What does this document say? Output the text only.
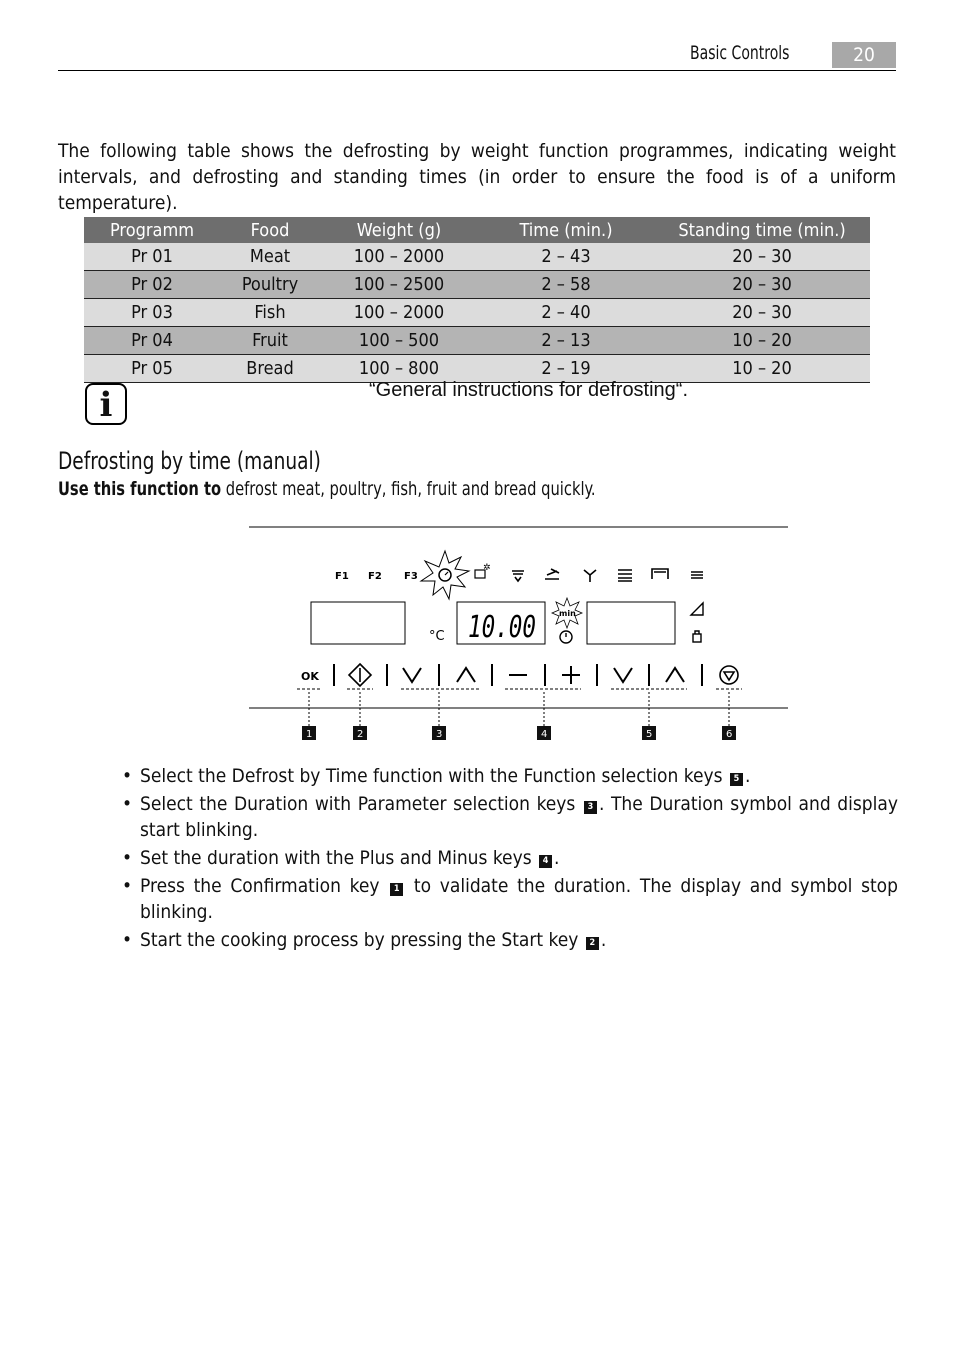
Basic Controls	20
The following table shows the defrosting by weight function programmes, indicating weight intervals, and defrosting and standing times (in order to ensure the food is of a uniform temperature).
Programm	Food	Weight (g)	Time (min.)	Standing time (min.)
Pr 01	Meat	100 – 2000	2 – 43	20 – 30
Pr 02	Poultry	100 – 2500	2 – 58	20 – 30
Pr 03	Fish	100 – 2000	2 – 40	20 – 30
Pr 04	Fruit	100 – 500	2 – 13	10 – 20
Pr 05	Bread	100 – 800	2 – 19	10 – 20
i	“General instructions for defrosting“.
Defrosting by time (manual)
Use this function to defrost meat, poultry, fish, fruit and bread quickly.
F1 F2 F3
✲
°C 10.00	min
OK
1	2	3	4	5	6
• Select the Defrost by Time function with the Function selection keys 5 .
• Select the Duration with Parameter selection keys 3 . The Duration symbol and display start blinking.
• Set the duration with the Plus and Minus keys 4 .
• Press the Confirmation key 1 to validate the duration. The display and symbol stop blinking.
• Start the cooking process by pressing the Start key 2 .
